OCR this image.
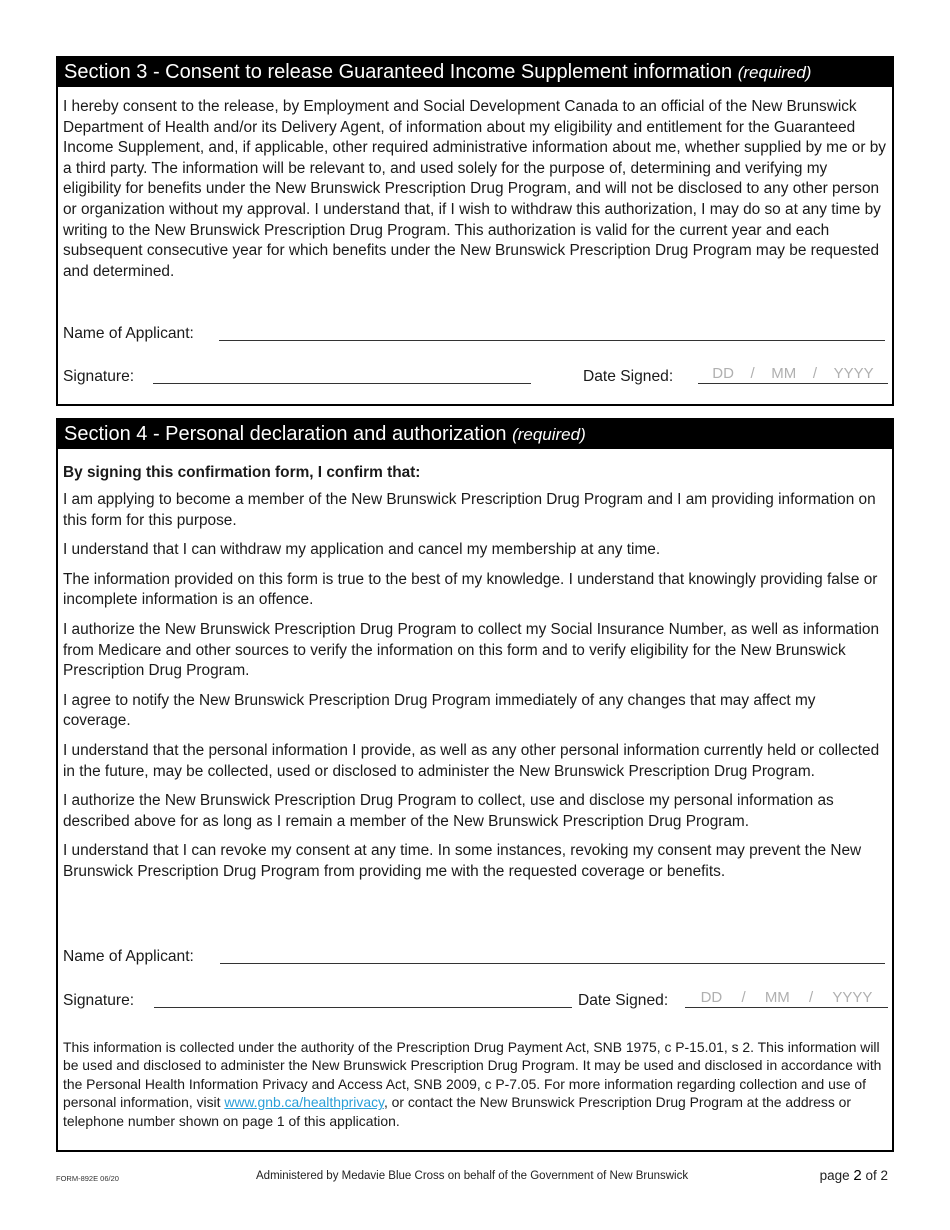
Section 3 - Consent to release Guaranteed Income Supplement information (required)

I hereby consent to the release, by Employment and Social Development Canada to an official of the New Brunswick Department of Health and/or its Delivery Agent, of information about my eligibility and entitlement for the Guaranteed Income Supplement, and, if applicable, other required administrative information about me, whether supplied by me or by a third party. The information will be relevant to, and used solely for the purpose of, determining and verifying my eligibility for benefits under the New Brunswick Prescription Drug Program, and will not be disclosed to any other person or organization without my approval. I understand that, if I wish to withdraw this authorization, I may do so at any time by writing to the New Brunswick Prescription Drug Program. This authorization is valid for the current year and each subsequent consecutive year for which benefits under the New Brunswick Prescription Drug Program may be requested and determined.

Name of Applicant:
Signature:	Date Signed:	DD / MM / YYYY
Section 4 - Personal declaration and authorization (required)

By signing this confirmation form, I confirm that:

I am applying to become a member of the New Brunswick Prescription Drug Program and I am providing information on this form for this purpose.

I understand that I can withdraw my application and cancel my membership at any time.

The information provided on this form is true to the best of my knowledge. I understand that knowingly providing false or incomplete information is an offence.

I authorize the New Brunswick Prescription Drug Program to collect my Social Insurance Number, as well as information from Medicare and other sources to verify the information on this form and to verify eligibility for the New Brunswick Prescription Drug Program.

I agree to notify the New Brunswick Prescription Drug Program immediately of any changes that may affect my coverage.

I understand that the personal information I provide, as well as any other personal information currently held or collected in the future, may be collected, used or disclosed to administer the New Brunswick Prescription Drug Program.

I authorize the New Brunswick Prescription Drug Program to collect, use and disclose my personal information as described above for as long as I remain a member of the New Brunswick Prescription Drug Program.

I understand that I can revoke my consent at any time. In some instances, revoking my consent may prevent the New Brunswick Prescription Drug Program from providing me with the requested coverage or benefits.

Name of Applicant:
Signature:	Date Signed: DD / MM / YYYY

This information is collected under the authority of the Prescription Drug Payment Act, SNB 1975, c P-15.01, s 2. This information will be used and disclosed to administer the New Brunswick Prescription Drug Program. It may be used and disclosed in accordance with the Personal Health Information Privacy and Access Act, SNB 2009, c P-7.05. For more information regarding collection and use of personal information, visit www.gnb.ca/healthprivacy, or contact the New Brunswick Prescription Drug Program at the address or telephone number shown on page 1 of this application.

FORM-892E 06/20	Administered by Medavie Blue Cross on behalf of the Government of New Brunswick	page 2 of 2
